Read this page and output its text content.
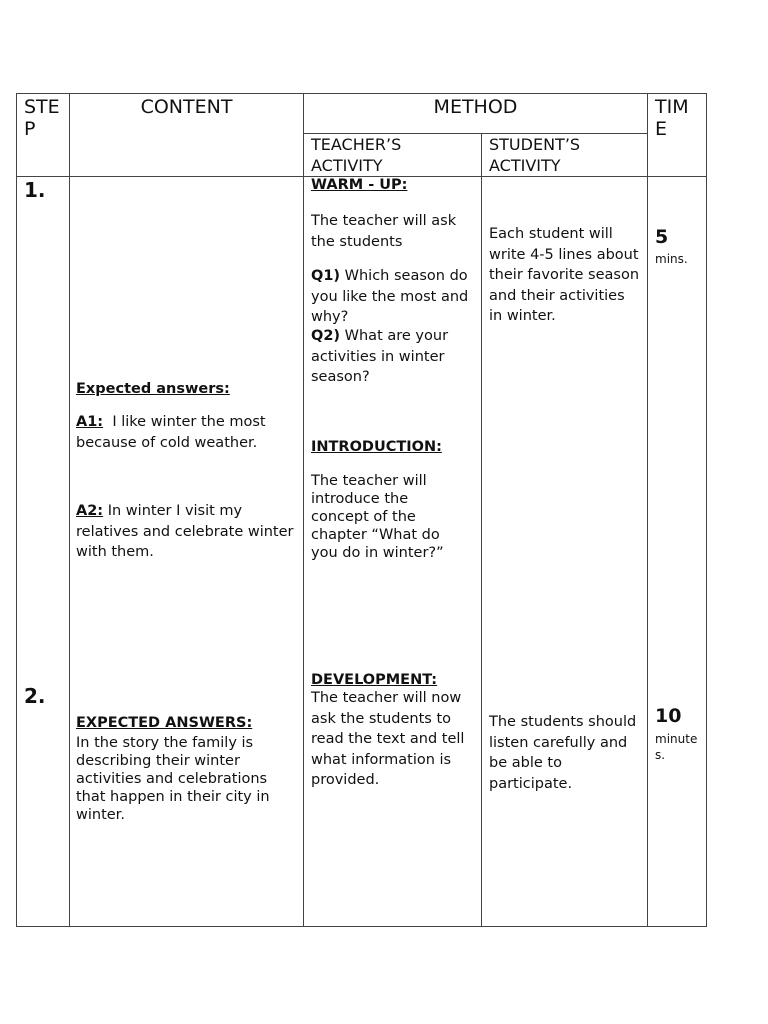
STE
P
CONTENT	METHOD	TIM
E
TEACHER’S
ACTIVITY
STUDENT’S
ACTIVITY
1.
2.
Expected answers:
A1: I like winter the most because of cold weather.
A2: In winter I visit my relatives and celebrate winter with them.
EXPECTED ANSWERS:
In the story the family is describing their winter activities and celebrations that happen in their city in winter.
WARM - UP:
The teacher will ask the students
Q1) Which season do you like the most and why?
Q2) What are your activities in winter season?
INTRODUCTION:
The teacher will introduce the concept of the chapter “What do you do in winter?”
DEVELOPMENT:
The teacher will now ask the students to read the text and tell what information is provided.
Each student will write 4-5 lines about their favorite season and their activities in winter.
The students should listen carefully and be able to participate.
5
mins.
10
minutes.
